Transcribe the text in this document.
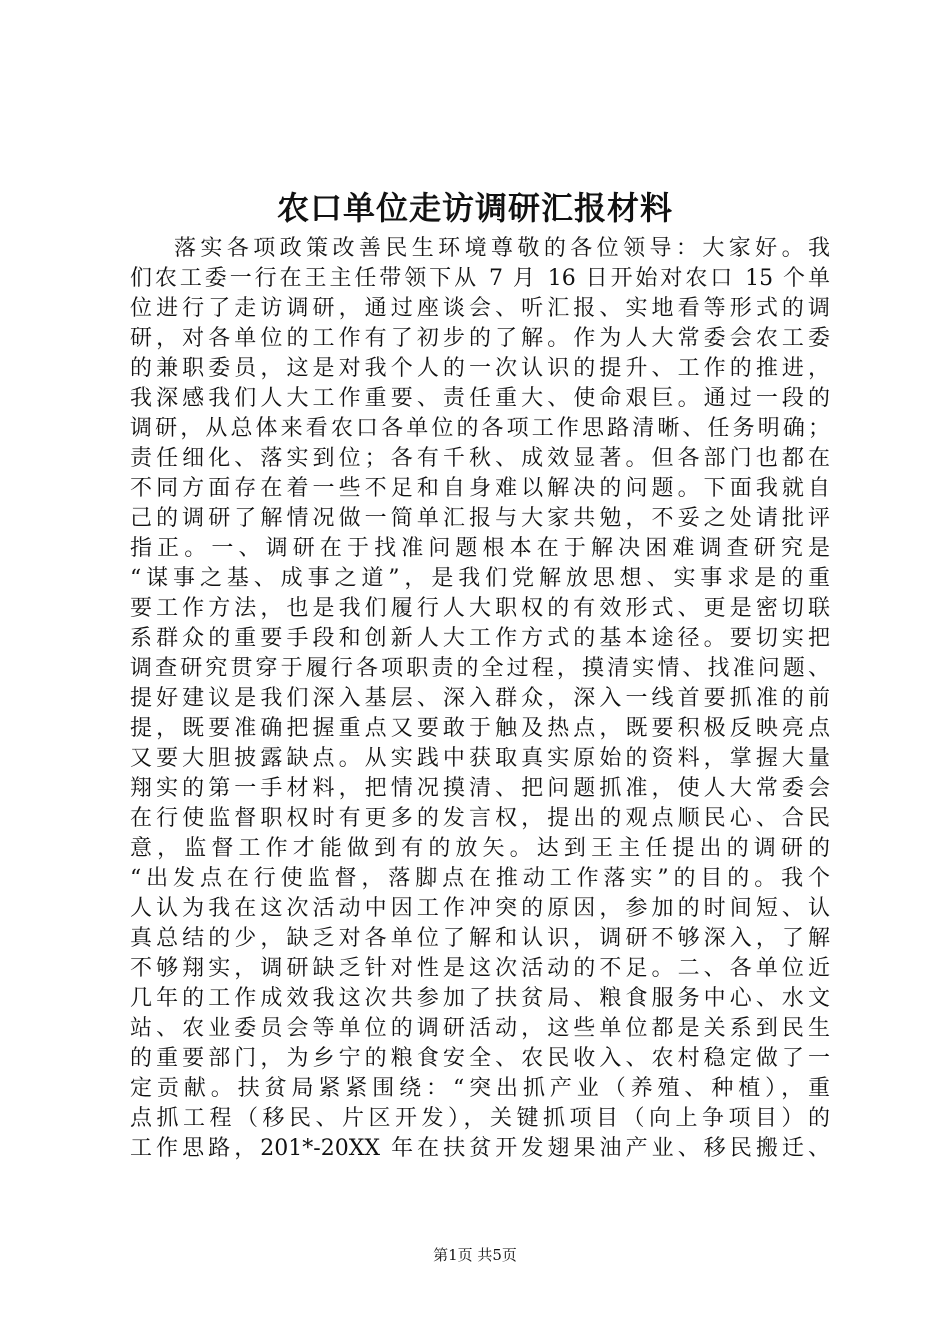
农口单位走访调研汇报材料
落实各项政策改善民生环境尊敬的各位领导：大家好。我
们农工委一行在王主任带领下从 7 月 16 日开始对农口 15 个单
位进行了走访调研，通过座谈会、听汇报、实地看等形式的调
研，对各单位的工作有了初步的了解。作为人大常委会农工委
的兼职委员，这是对我个人的一次认识的提升、工作的推进，
我深感我们人大工作重要、责任重大、使命艰巨。通过一段的
调研，从总体来看农口各单位的各项工作思路清晰、任务明确；
责任细化、落实到位；各有千秋、成效显著。但各部门也都在
不同方面存在着一些不足和自身难以解决的问题。下面我就自
己的调研了解情况做一简单汇报与大家共勉，不妥之处请批评
指正。一、调研在于找准问题根本在于解决困难调查研究是
“谋事之基、成事之道”，是我们党解放思想、实事求是的重
要工作方法，也是我们履行人大职权的有效形式、更是密切联
系群众的重要手段和创新人大工作方式的基本途径。要切实把
调查研究贯穿于履行各项职责的全过程，摸清实情、找准问题、
提好建议是我们深入基层、深入群众，深入一线首要抓准的前
提，既要准确把握重点又要敢于触及热点，既要积极反映亮点
又要大胆披露缺点。从实践中获取真实原始的资料，掌握大量
翔实的第一手材料，把情况摸清、把问题抓准，使人大常委会
在行使监督职权时有更多的发言权，提出的观点顺民心、合民
意，监督工作才能做到有的放矢。达到王主任提出的调研的
“出发点在行使监督，落脚点在推动工作落实”的目的。我个
人认为我在这次活动中因工作冲突的原因，参加的时间短、认
真总结的少，缺乏对各单位了解和认识，调研不够深入，了解
不够翔实，调研缺乏针对性是这次活动的不足。二、各单位近
几年的工作成效我这次共参加了扶贫局、粮食服务中心、水文
站、农业委员会等单位的调研活动，这些单位都是关系到民生
的重要部门，为乡宁的粮食安全、农民收入、农村稳定做了一
定贡献。扶贫局紧紧围绕：“突出抓产业（养殖、种植），重
点抓工程（移民、片区开发），关键抓项目（向上争项目）的
工作思路，201*-20XX 年在扶贫开发翅果油产业、移民搬迁、
第1页 共5页
